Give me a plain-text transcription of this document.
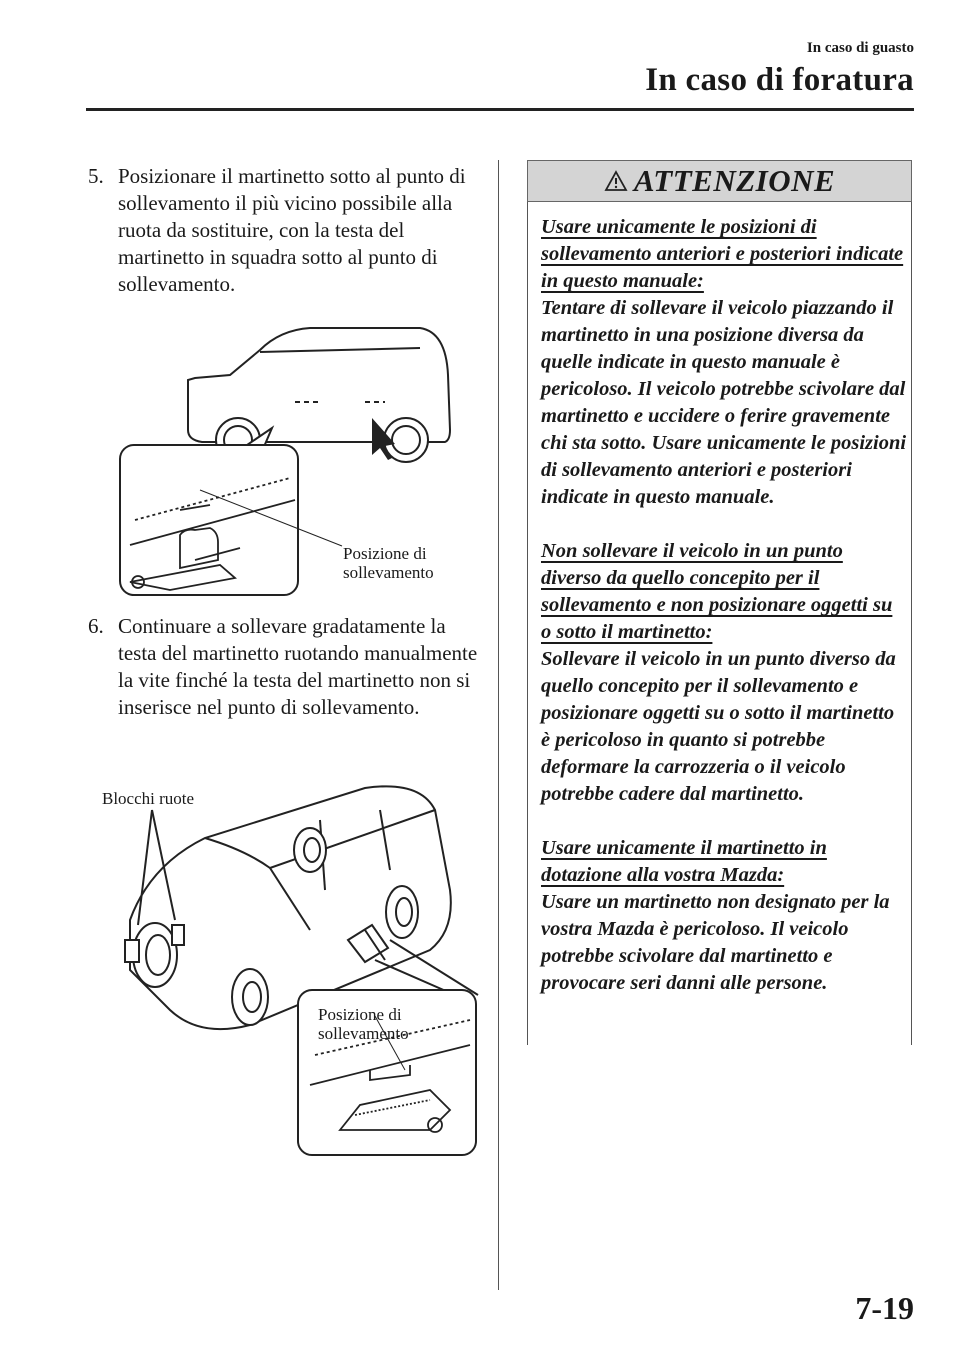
In caso di guasto
In caso di foratura
5. Posizionare il martinetto sotto al punto di sollevamento il più vicino possibile alla ruota da sostituire, con la testa del martinetto in squadra sotto al punto di sollevamento.
Posizione di
sollevamento
6. Continuare a sollevare gradatamente la testa del martinetto ruotando manualmente la vite finché la testa del martinetto non si inserisce nel punto di sollevamento.
Blocchi ruote
Posizione di
sollevamento
ATTENZIONE
Usare unicamente le posizioni di sollevamento anteriori e posteriori indicate in questo manuale:
Tentare di sollevare il veicolo piazzando il martinetto in una posizione diversa da quelle indicate in questo manuale è pericoloso. Il veicolo potrebbe scivolare dal martinetto e uccidere o ferire gravemente chi sta sotto. Usare unicamente le posizioni di sollevamento anteriori e posteriori indicate in questo manuale.
Non sollevare il veicolo in un punto diverso da quello concepito per il sollevamento e non posizionare oggetti su o sotto il martinetto:
Sollevare il veicolo in un punto diverso da quello concepito per il sollevamento e posizionare oggetti su o sotto il martinetto è pericoloso in quanto si potrebbe deformare la carrozzeria o il veicolo potrebbe cadere dal martinetto.
Usare unicamente il martinetto in dotazione alla vostra Mazda:
Usare un martinetto non designato per la vostra Mazda è pericoloso. Il veicolo potrebbe scivolare dal martinetto e provocare seri danni alle persone.
7-19
